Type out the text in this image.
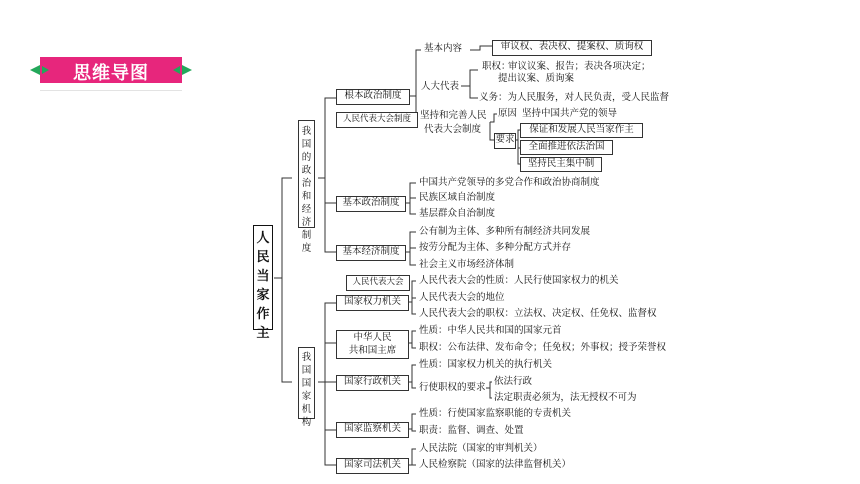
思维导图
人民当家作主
我国的政治和经济制度
我国国家机构
根本政治制度
人民代表大会制度
基本内容	审议权、表决权、提案权、质询权
职权：
审议议案、报告；表决各项决定；
提出议案、质询案
人大代表
义务：为人民服务，对人民负责，受人民监督
坚持和完善人民
代表大会制度
原因 坚持中国共产党的领导
要求
保证和发展人民当家作主
全面推进依法治国
坚持民主集中制
基本政治制度
中国共产党领导的多党合作和政治协商制度
民族区域自治制度
基层群众自治制度
基本经济制度
公有制为主体、多种所有制经济共同发展
按劳分配为主体、多种分配方式并存
社会主义市场经济体制
人民代表大会
国家权力机关
人民代表大会的性质：人民行使国家权力的机关
人民代表大会的地位
人民代表大会的职权：立法权、决定权、任免权、监督权
中华人民
共和国主席
性质：中华人民共和国的国家元首
职权：公布法律、发布命令；任免权；外事权；授予荣誉权
国家行政机关
性质：国家权力机关的执行机关
行使职权的要求
依法行政
法定职责必须为，法无授权不可为
国家监察机关
性质：行使国家监察职能的专责机关
职责：监督、调查、处置
国家司法机关
人民法院（国家的审判机关）
人民检察院（国家的法律监督机关）
